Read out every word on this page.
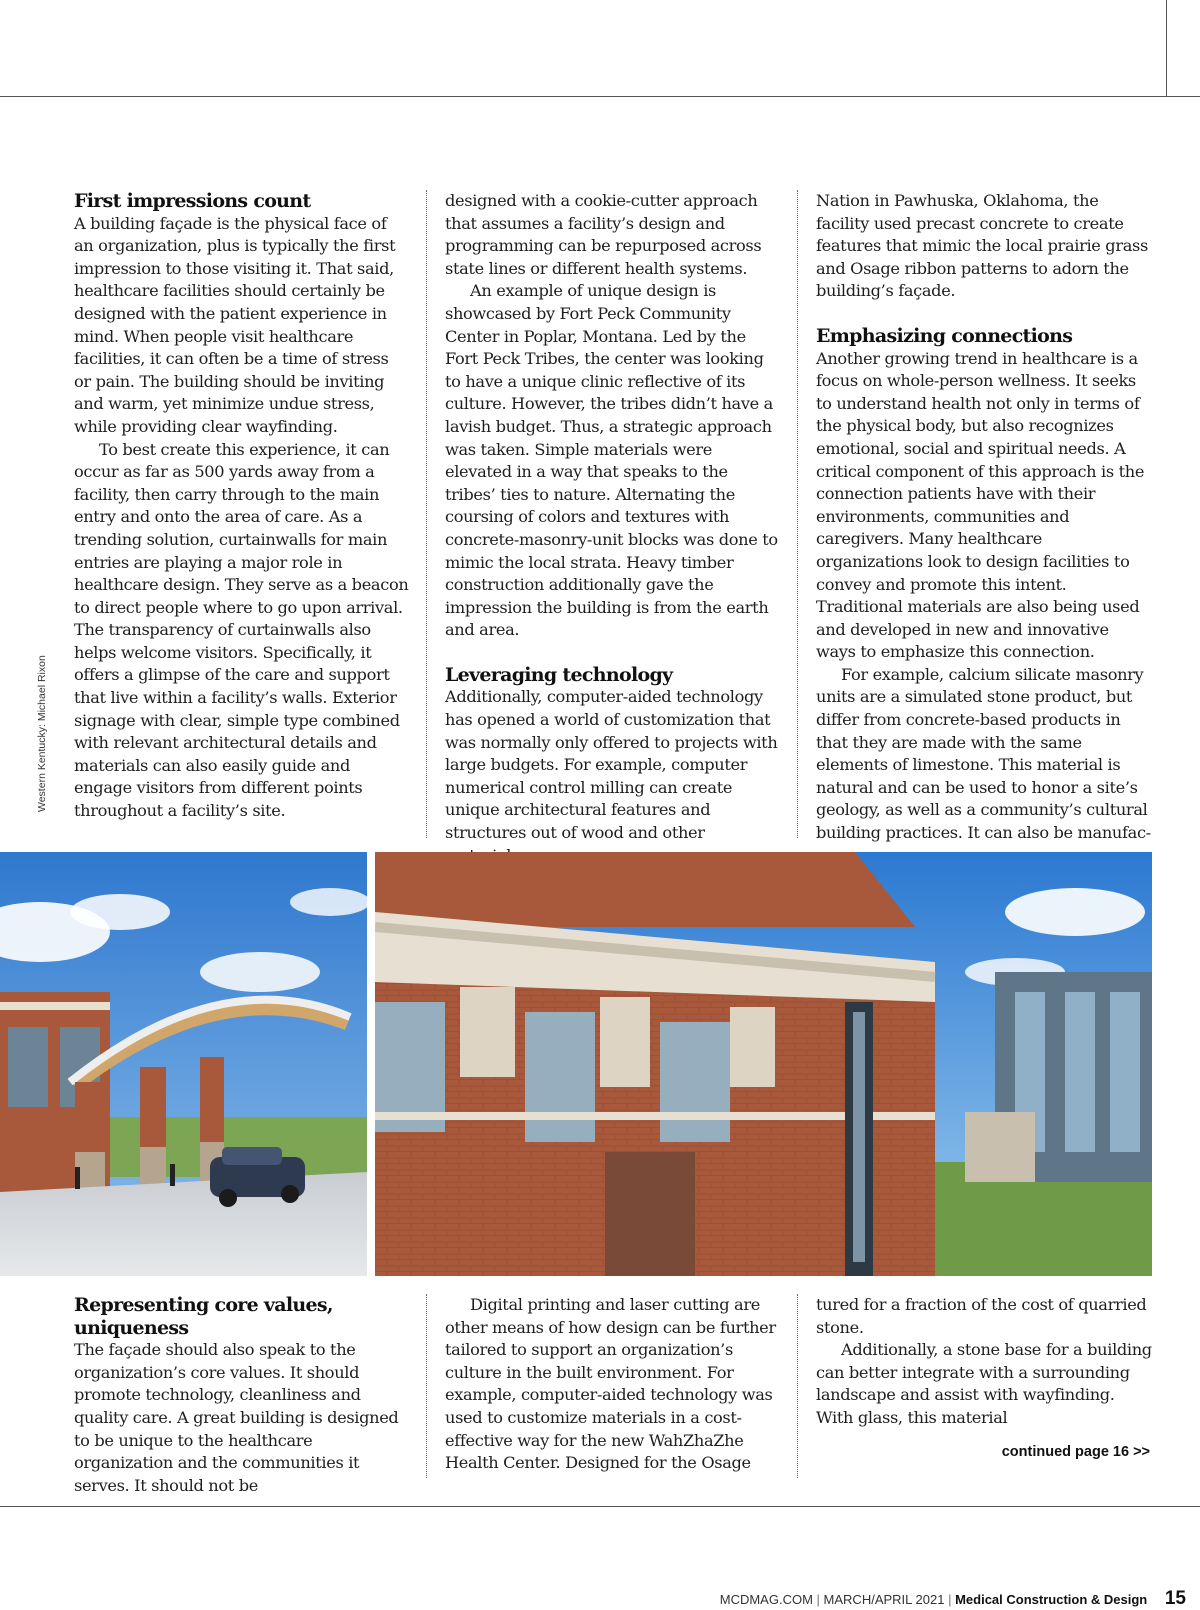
Western Kentucky: Michael Rixon
First impressions count

A building façade is the physical face of an organization, plus is typically the first impression to those visiting it. That said, healthcare facilities should certainly be designed with the patient experience in mind. When people visit healthcare facilities, it can often be a time of stress or pain. The building should be inviting and warm, yet minimize undue stress, while providing clear wayfinding.

To best create this experience, it can occur as far as 500 yards away from a facility, then carry through to the main entry and onto the area of care. As a trending solution, curtainwalls for main entries are playing a major role in healthcare design. They serve as a beacon to direct people where to go upon arrival. The transparency of curtainwalls also helps welcome visitors. Specifically, it offers a glimpse of the care and support that live within a facility’s walls. Exterior signage with clear, simple type combined with relevant architectural details and materials can also easily guide and engage visitors from different points throughout a facility’s site.

designed with a cookie-cutter approach that assumes a facility’s design and programming can be repurposed across state lines or different health systems.

An example of unique design is showcased by Fort Peck Community Center in Poplar, Montana. Led by the Fort Peck Tribes, the center was looking to have a unique clinic reflective of its culture. However, the tribes didn’t have a lavish budget. Thus, a strategic approach was taken. Simple materials were elevated in a way that speaks to the tribes’ ties to nature. Alternating the coursing of colors and textures with concrete-masonry-unit blocks was done to mimic the local strata. Heavy timber construction additionally gave the impression the building is from the earth and area.

Leveraging technology

Additionally, computer-aided technology has opened a world of customization that was normally only offered to projects with large budgets. For example, computer numerical control milling can create unique architectural features and structures out of wood and other

Nation in Pawhuska, Oklahoma, the facility used precast concrete to create features that mimic the local prairie grass and Osage ribbon patterns to adorn the building’s façade.

Emphasizing connections

Another growing trend in healthcare is a focus on whole-person wellness. It seeks to understand health not only in terms of the physical body, but also recognizes emotional, social and spiritual needs. A critical component of this approach is the connection patients have with their environments, communities and caregivers. Many healthcare organizations look to design facilities to convey and promote this intent. Traditional materials are also being used and developed in new and innovative ways to emphasize this connection.

For example, calcium silicate masonry units are a simulated stone product, but differ from concrete-based products in that they are made with the same elements of limestone. This material is natural and can be used to honor a site’s geology, as well as a community’s cultural building practices. It can also be manufac-

Representing core values, uniqueness

The façade should also speak to the organization’s core values. It should promote technology, cleanliness and quality care. A great building is designed to be unique to the healthcare organization and the communities it serves. It should not be

Digital printing and laser cutting are other means of how design can be further tailored to support an organization’s culture in the built environment. For example, computer-aided technology was used to customize materials in a cost-effective way for the new WahZhaZhe Health Center. Designed for the Osage

tured for a fraction of the cost of quarried stone.

Additionally, a stone base for a building can better integrate with a surrounding landscape and assist with wayfinding. With glass, this material

continued page 16 >>
MCDMAG.COM | MARCH/APRIL 2021 | Medical Construction & Design 15
